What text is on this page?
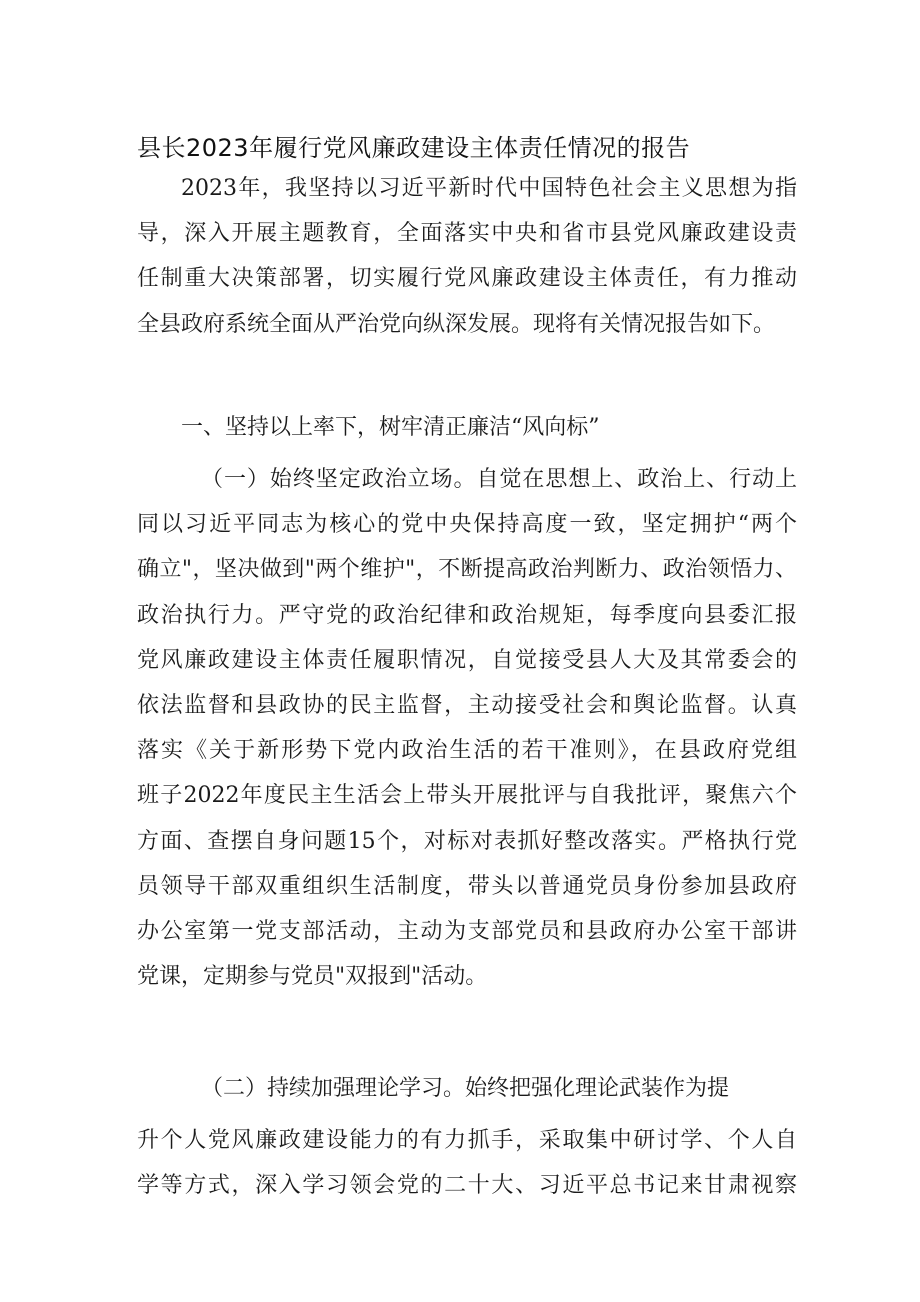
县长2023年履行党风廉政建设主体责任情况的报告
2023年，我坚持以习近平新时代中国特色社会主义思想为指
导，深入开展主题教育，全面落实中央和省市县党风廉政建设责
任制重大决策部署，切实履行党风廉政建设主体责任，有力推动
全县政府系统全面从严治党向纵深发展。现将有关情况报告如下。
一、坚持以上率下，树牢清正廉洁“风向标”
（一）始终坚定政治立场。自觉在思想上、政治上、行动上
同以习近平同志为核心的党中央保持高度一致，坚定拥护“两个
确立"，坚决做到"两个维护"，不断提高政治判断力、政治领悟力、
政治执行力。严守党的政治纪律和政治规矩，每季度向县委汇报
党风廉政建设主体责任履职情况，自觉接受县人大及其常委会的
依法监督和县政协的民主监督，主动接受社会和舆论监督。认真
落实《关于新形势下党内政治生活的若干准则》，在县政府党组
班子2022年度民主生活会上带头开展批评与自我批评，聚焦六个
方面、查摆自身问题15个，对标对表抓好整改落实。严格执行党
员领导干部双重组织生活制度，带头以普通党员身份参加县政府
办公室第一党支部活动，主动为支部党员和县政府办公室干部讲
党课，定期参与党员"双报到"活动。
（二）持续加强理论学习。始终把强化理论武装作为提
升个人党风廉政建设能力的有力抓手，采取集中研讨学、个人自
学等方式，深入学习领会党的二十大、习近平总书记来甘肃视察
